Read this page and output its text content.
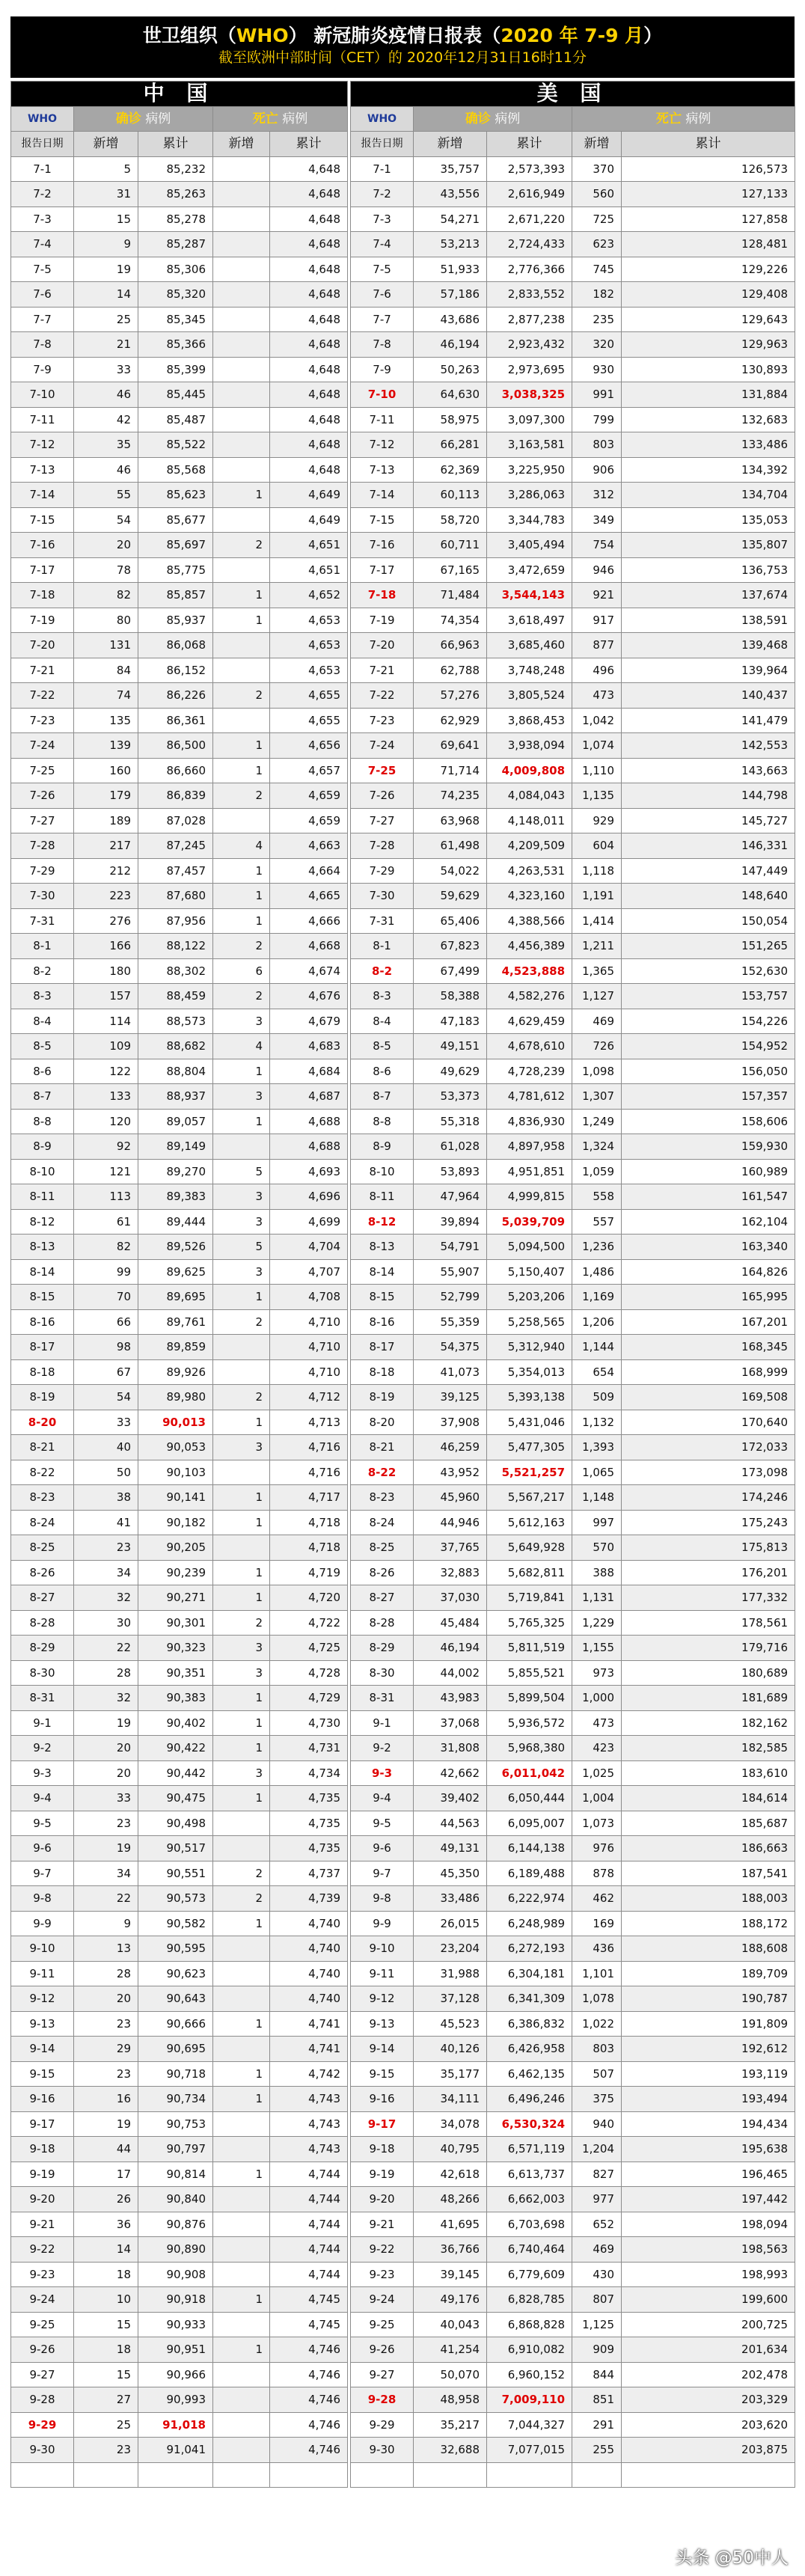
世卫组织（WHO） 新冠肺炎疫情日报表（2020 年 7-9 月）
截至欧洲中部时间（CET）的 2020年12月31日16时11分
中 国						美 国				
WHO	确诊 病例		死亡 病例			WHO	确诊 病例		死亡 病例	
报告日期	新增	累计	新增	累计		报告日期	新增	累计	新增	累计
7-1	5	85,232		4,648		7-1	35,757	2,573,393	370	126,573
7-2	31	85,263		4,648		7-2	43,556	2,616,949	560	127,133
7-3	15	85,278		4,648		7-3	54,271	2,671,220	725	127,858
7-4	9	85,287		4,648		7-4	53,213	2,724,433	623	128,481
7-5	19	85,306		4,648		7-5	51,933	2,776,366	745	129,226
7-6	14	85,320		4,648		7-6	57,186	2,833,552	182	129,408
7-7	25	85,345		4,648		7-7	43,686	2,877,238	235	129,643
7-8	21	85,366		4,648		7-8	46,194	2,923,432	320	129,963
7-9	33	85,399		4,648		7-9	50,263	2,973,695	930	130,893
7-10	46	85,445		4,648		7-10	64,630	3,038,325	991	131,884
7-11	42	85,487		4,648		7-11	58,975	3,097,300	799	132,683
7-12	35	85,522		4,648		7-12	66,281	3,163,581	803	133,486
7-13	46	85,568		4,648		7-13	62,369	3,225,950	906	134,392
7-14	55	85,623	1	4,649		7-14	60,113	3,286,063	312	134,704
7-15	54	85,677		4,649		7-15	58,720	3,344,783	349	135,053
7-16	20	85,697	2	4,651		7-16	60,711	3,405,494	754	135,807
7-17	78	85,775		4,651		7-17	67,165	3,472,659	946	136,753
7-18	82	85,857	1	4,652		7-18	71,484	3,544,143	921	137,674
7-19	80	85,937	1	4,653		7-19	74,354	3,618,497	917	138,591
7-20	131	86,068		4,653		7-20	66,963	3,685,460	877	139,468
7-21	84	86,152		4,653		7-21	62,788	3,748,248	496	139,964
7-22	74	86,226	2	4,655		7-22	57,276	3,805,524	473	140,437
7-23	135	86,361		4,655		7-23	62,929	3,868,453	1,042	141,479
7-24	139	86,500	1	4,656		7-24	69,641	3,938,094	1,074	142,553
7-25	160	86,660	1	4,657		7-25	71,714	4,009,808	1,110	143,663
7-26	179	86,839	2	4,659		7-26	74,235	4,084,043	1,135	144,798
7-27	189	87,028		4,659		7-27	63,968	4,148,011	929	145,727
7-28	217	87,245	4	4,663		7-28	61,498	4,209,509	604	146,331
7-29	212	87,457	1	4,664		7-29	54,022	4,263,531	1,118	147,449
7-30	223	87,680	1	4,665		7-30	59,629	4,323,160	1,191	148,640
7-31	276	87,956	1	4,666		7-31	65,406	4,388,566	1,414	150,054
8-1	166	88,122	2	4,668		8-1	67,823	4,456,389	1,211	151,265
8-2	180	88,302	6	4,674		8-2	67,499	4,523,888	1,365	152,630
8-3	157	88,459	2	4,676		8-3	58,388	4,582,276	1,127	153,757
8-4	114	88,573	3	4,679		8-4	47,183	4,629,459	469	154,226
8-5	109	88,682	4	4,683		8-5	49,151	4,678,610	726	154,952
8-6	122	88,804	1	4,684		8-6	49,629	4,728,239	1,098	156,050
8-7	133	88,937	3	4,687		8-7	53,373	4,781,612	1,307	157,357
8-8	120	89,057	1	4,688		8-8	55,318	4,836,930	1,249	158,606
8-9	92	89,149		4,688		8-9	61,028	4,897,958	1,324	159,930
8-10	121	89,270	5	4,693		8-10	53,893	4,951,851	1,059	160,989
8-11	113	89,383	3	4,696		8-11	47,964	4,999,815	558	161,547
8-12	61	89,444	3	4,699		8-12	39,894	5,039,709	557	162,104
8-13	82	89,526	5	4,704		8-13	54,791	5,094,500	1,236	163,340
8-14	99	89,625	3	4,707		8-14	55,907	5,150,407	1,486	164,826
8-15	70	89,695	1	4,708		8-15	52,799	5,203,206	1,169	165,995
8-16	66	89,761	2	4,710		8-16	55,359	5,258,565	1,206	167,201
8-17	98	89,859		4,710		8-17	54,375	5,312,940	1,144	168,345
8-18	67	89,926		4,710		8-18	41,073	5,354,013	654	168,999
8-19	54	89,980	2	4,712		8-19	39,125	5,393,138	509	169,508
8-20	33	90,013	1	4,713		8-20	37,908	5,431,046	1,132	170,640
8-21	40	90,053	3	4,716		8-21	46,259	5,477,305	1,393	172,033
8-22	50	90,103		4,716		8-22	43,952	5,521,257	1,065	173,098
8-23	38	90,141	1	4,717		8-23	45,960	5,567,217	1,148	174,246
8-24	41	90,182	1	4,718		8-24	44,946	5,612,163	997	175,243
8-25	23	90,205		4,718		8-25	37,765	5,649,928	570	175,813
8-26	34	90,239	1	4,719		8-26	32,883	5,682,811	388	176,201
8-27	32	90,271	1	4,720		8-27	37,030	5,719,841	1,131	177,332
8-28	30	90,301	2	4,722		8-28	45,484	5,765,325	1,229	178,561
8-29	22	90,323	3	4,725		8-29	46,194	5,811,519	1,155	179,716
8-30	28	90,351	3	4,728		8-30	44,002	5,855,521	973	180,689
8-31	32	90,383	1	4,729		8-31	43,983	5,899,504	1,000	181,689
9-1	19	90,402	1	4,730		9-1	37,068	5,936,572	473	182,162
9-2	20	90,422	1	4,731		9-2	31,808	5,968,380	423	182,585
9-3	20	90,442	3	4,734		9-3	42,662	6,011,042	1,025	183,610
9-4	33	90,475	1	4,735		9-4	39,402	6,050,444	1,004	184,614
9-5	23	90,498		4,735		9-5	44,563	6,095,007	1,073	185,687
9-6	19	90,517		4,735		9-6	49,131	6,144,138	976	186,663
9-7	34	90,551	2	4,737		9-7	45,350	6,189,488	878	187,541
9-8	22	90,573	2	4,739		9-8	33,486	6,222,974	462	188,003
9-9	9	90,582	1	4,740		9-9	26,015	6,248,989	169	188,172
9-10	13	90,595		4,740		9-10	23,204	6,272,193	436	188,608
9-11	28	90,623		4,740		9-11	31,988	6,304,181	1,101	189,709
9-12	20	90,643		4,740		9-12	37,128	6,341,309	1,078	190,787
9-13	23	90,666	1	4,741		9-13	45,523	6,386,832	1,022	191,809
9-14	29	90,695		4,741		9-14	40,126	6,426,958	803	192,612
9-15	23	90,718	1	4,742		9-15	35,177	6,462,135	507	193,119
9-16	16	90,734	1	4,743		9-16	34,111	6,496,246	375	193,494
9-17	19	90,753		4,743		9-17	34,078	6,530,324	940	194,434
9-18	44	90,797		4,743		9-18	40,795	6,571,119	1,204	195,638
9-19	17	90,814	1	4,744		9-19	42,618	6,613,737	827	196,465
9-20	26	90,840		4,744		9-20	48,266	6,662,003	977	197,442
9-21	36	90,876		4,744		9-21	41,695	6,703,698	652	198,094
9-22	14	90,890		4,744		9-22	36,766	6,740,464	469	198,563
9-23	18	90,908		4,744		9-23	39,145	6,779,609	430	198,993
9-24	10	90,918	1	4,745		9-24	49,176	6,828,785	807	199,600
9-25	15	90,933		4,745		9-25	40,043	6,868,828	1,125	200,725
9-26	18	90,951	1	4,746		9-26	41,254	6,910,082	909	201,634
9-27	15	90,966		4,746		9-27	50,070	6,960,152	844	202,478
9-28	27	90,993		4,746		9-28	48,958	7,009,110	851	203,329
9-29	25	91,018		4,746		9-29	35,217	7,044,327	291	203,620
9-30	23	91,041		4,746		9-30	32,688	7,077,015	255	203,875

头条 @50中人
